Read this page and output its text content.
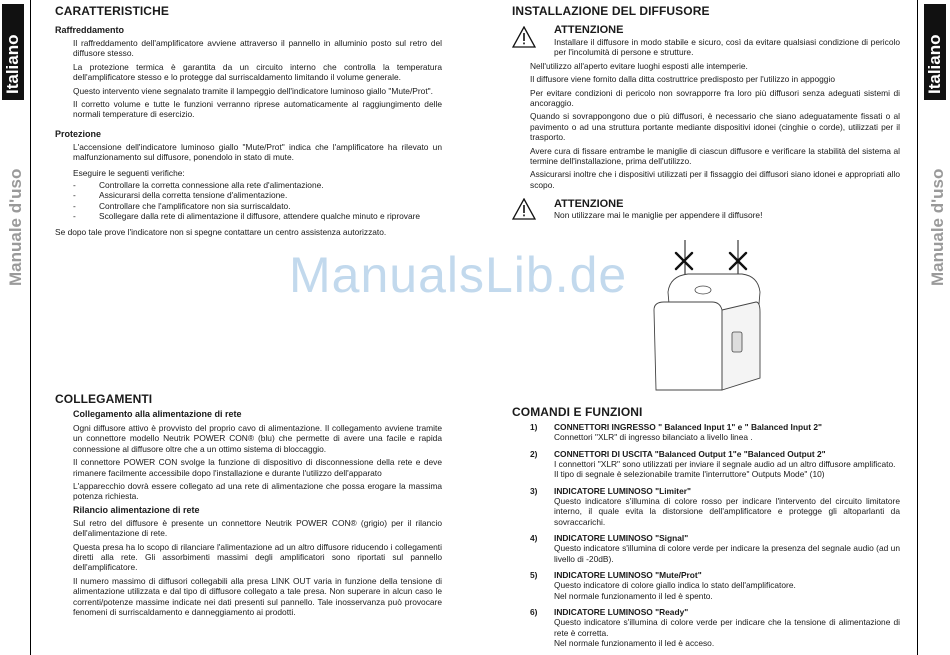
Italiano
Manuale d'uso
Italiano
Manuale d'uso
CARATTERISTICHE
Raffreddamento
Il raffreddamento dell'amplificatore avviene attraverso il pannello in alluminio posto sul retro del diffusore stesso.
La protezione termica è garantita da un circuito interno che controlla la temperatura dell'amplificatore stesso e lo protegge dal surriscaldamento limitando il volume generale.
Questo intervento viene segnalato tramite il lampeggio dell'indicatore luminoso giallo "Mute/Prot".
Il corretto volume e tutte le funzioni verranno riprese automaticamente al raggiungimento delle normali temperature di esercizio.
Protezione
L'accensione dell'indicatore luminoso giallo "Mute/Prot" indica che l'amplificatore ha rilevato un malfunzionamento sul diffusore, ponendolo in stato di mute.
Eseguire le seguenti verifiche:
-	Controllare la corretta connessione alla rete d'alimentazione.
-	Assicurarsi della corretta tensione d'alimentazione.
-	Controllare che l'amplificatore non sia surriscaldato.
-	Scollegare dalla rete di alimentazione il diffusore, attendere qualche minuto e riprovare
Se dopo tale prove l'indicatore non si spegne contattare un centro assistenza autorizzato.
COLLEGAMENTI
Collegamento alla alimentazione di rete
Ogni diffusore attivo è provvisto del proprio cavo di alimentazione. Il collegamento avviene tramite un connettore modello Neutrik POWER CON® (blu) che permette di avere una facile e rapida connessione al diffusore oltre che a un ottimo sistema di bloccaggio.
Il connettore POWER CON svolge la funzione di dispositivo di disconnessione della rete e deve rimanere facilmente accessibile dopo l'installazione e durante l'utilizzo dell'apparato
L'apparecchio dovrà essere collegato ad una rete di alimentazione che possa erogare la massima potenza richiesta.
Rilancio alimentazione di rete
Sul retro del diffusore è presente un connettore Neutrik POWER CON® (grigio) per il rilancio dell'alimentazione di rete.
Questa presa ha lo scopo di rilanciare l'alimentazione ad un altro diffusore riducendo i collegamenti diretti alla rete. Gli assorbimenti massimi degli amplificatori sono riportati sul pannello dell'amplificatore.
Il numero massimo di diffusori collegabili alla presa LINK OUT varia in funzione della tensione di alimentazione utilizzata e dal tipo di diffusore collegato a tale presa. Non superare in alcun caso le correnti/potenze massime indicate nei dati presenti sul pannello. Tale inosservanza può provocare fenomeni di surriscaldamento e danneggiamento ai prodotti.
INSTALLAZIONE DEL DIFFUSORE
ATTENZIONE
Installare il diffusore in modo stabile e sicuro, così da evitare qualsiasi condizione di pericolo per l'incolumità di persone e strutture.
Nell'utilizzo all'aperto evitare luoghi esposti alle intemperie.
Il diffusore viene fornito dalla ditta costruttrice predisposto per l'utilizzo in appoggio
Per evitare condizioni di pericolo non sovrapporre fra loro più diffusori senza adeguati sistemi di ancoraggio.
Quando si sovrappongono due o più diffusori, è necessario che siano adeguatamente fissati o al pavimento o ad una struttura portante mediante dispositivi idonei (cinghie o corde), utilizzati per il trasporto.
Avere cura di fissare entrambe le maniglie di ciascun diffusore e verificare la stabilità del sistema al termine dell'installazione, prima dell'utilizzo.
Assicurarsi inoltre che i dispositivi utilizzati per il fissaggio dei diffusori siano idonei e appropriati allo scopo.
ATTENZIONE
Non utilizzare mai le maniglie per appendere il diffusore!
COMANDI E FUNZIONI
1) CONNETTORI INGRESSO " Balanced Input 1" e " Balanced Input 2"
Connettori "XLR" di ingresso bilanciato a livello linea .
2) CONNETTORI DI USCITA "Balanced Output 1"e "Balanced Output 2"
I connettori "XLR" sono utilizzati per inviare il segnale audio ad un altro diffusore amplificato.
Il tipo di segnale è selezionabile tramite l'interruttore" Outputs Mode" (10)
3) INDICATORE LUMINOSO "Limiter"
Questo indicatore s'illumina di colore rosso per indicare l'intervento del circuito limitatore interno, il quale evita la distorsione dell'amplificatore e protegge gli altoparlanti da sovraccarichi.
4) INDICATORE LUMINOSO "Signal"
Questo indicatore s'illumina di colore verde per indicare la presenza del segnale audio (ad un livello di -20dB).
5) INDICATORE LUMINOSO "Mute/Prot"
Questo indicatore di colore giallo indica lo stato dell'amplificatore.
Nel normale funzionamento il led è spento.
6) INDICATORE LUMINOSO "Ready"
Questo indicatore s'illumina di colore verde per indicare che la tensione di alimentazione di rete è corretta.
Nel normale funzionamento il led è acceso.
ManualsLib.de
